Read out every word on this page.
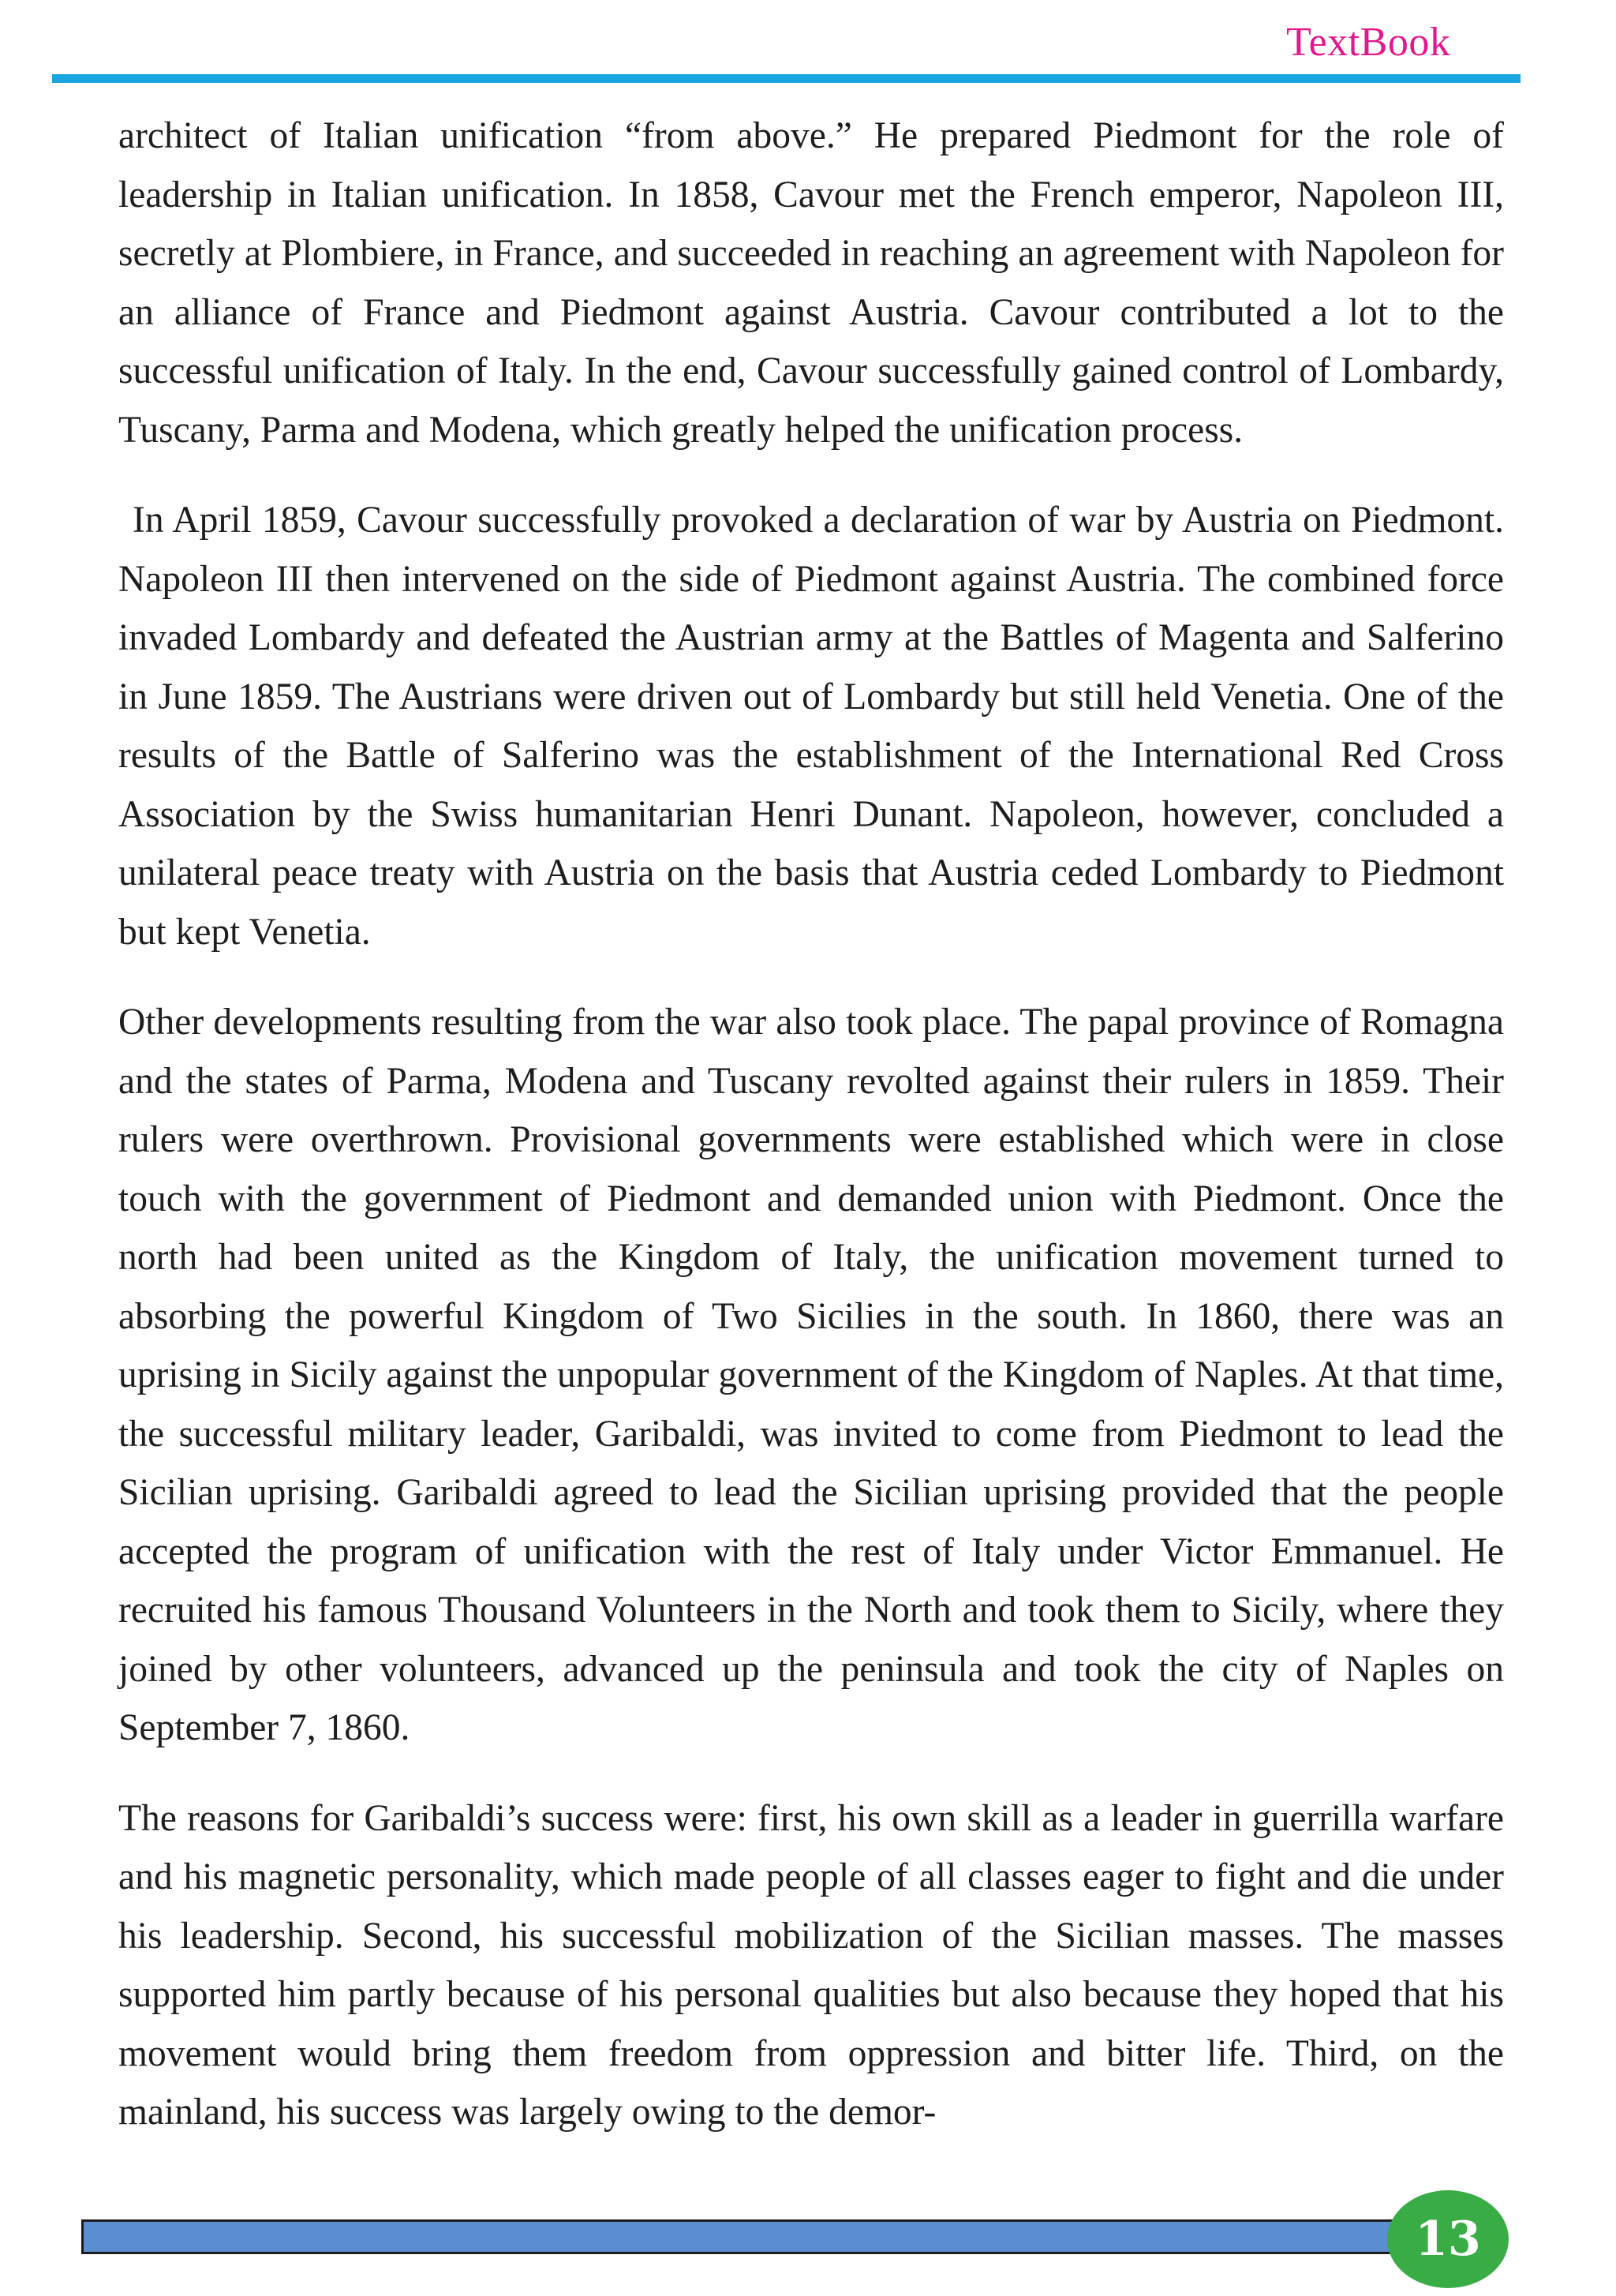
TextBook

architect of Italian unification “from above.” He prepared Piedmont for the role of leadership in Italian unification. In 1858, Cavour met the French emperor, Napoleon III, secretly at Plombiere, in France, and succeeded in reaching an agreement with Napoleon for an alliance of France and Piedmont against Austria. Cavour contributed a lot to the successful unification of Italy. In the end, Cavour successfully gained control of Lombardy, Tuscany, Parma and Modena, which greatly helped the unification process.

In April 1859, Cavour successfully provoked a declaration of war by Austria on Piedmont. Napoleon III then intervened on the side of Piedmont against Austria. The combined force invaded Lombardy and defeated the Austrian army at the Battles of Magenta and Salferino in June 1859. The Austrians were driven out of Lombardy but still held Venetia. One of the results of the Battle of Salferino was the establishment of the International Red Cross Association by the Swiss humanitarian Henri Dunant. Napoleon, however, concluded a unilateral peace treaty with Austria on the basis that Austria ceded Lombardy to Piedmont but kept Venetia.

Other developments resulting from the war also took place. The papal province of Romagna and the states of Parma, Modena and Tuscany revolted against their rulers in 1859. Their rulers were overthrown. Provisional governments were established which were in close touch with the government of Piedmont and demanded union with Piedmont. Once the north had been united as the Kingdom of Italy, the unification movement turned to absorbing the powerful Kingdom of Two Sicilies in the south. In 1860, there was an uprising in Sicily against the unpopular government of the Kingdom of Naples. At that time, the successful military leader, Garibaldi, was invited to come from Piedmont to lead the Sicilian uprising. Garibaldi agreed to lead the Sicilian uprising provided that the people accepted the program of unification with the rest of Italy under Victor Emmanuel. He recruited his famous Thousand Volunteers in the North and took them to Sicily, where they joined by other volunteers, advanced up the peninsula and took the city of Naples on September 7, 1860.

The reasons for Garibaldi’s success were: first, his own skill as a leader in guerrilla warfare and his magnetic personality, which made people of all classes eager to fight and die under his leadership. Second, his successful mobilization of the Sicilian masses. The masses supported him partly because of his personal qualities but also because they hoped that his movement would bring them freedom from oppression and bitter life. Third, on the mainland, his success was largely owing to the demor-

13
